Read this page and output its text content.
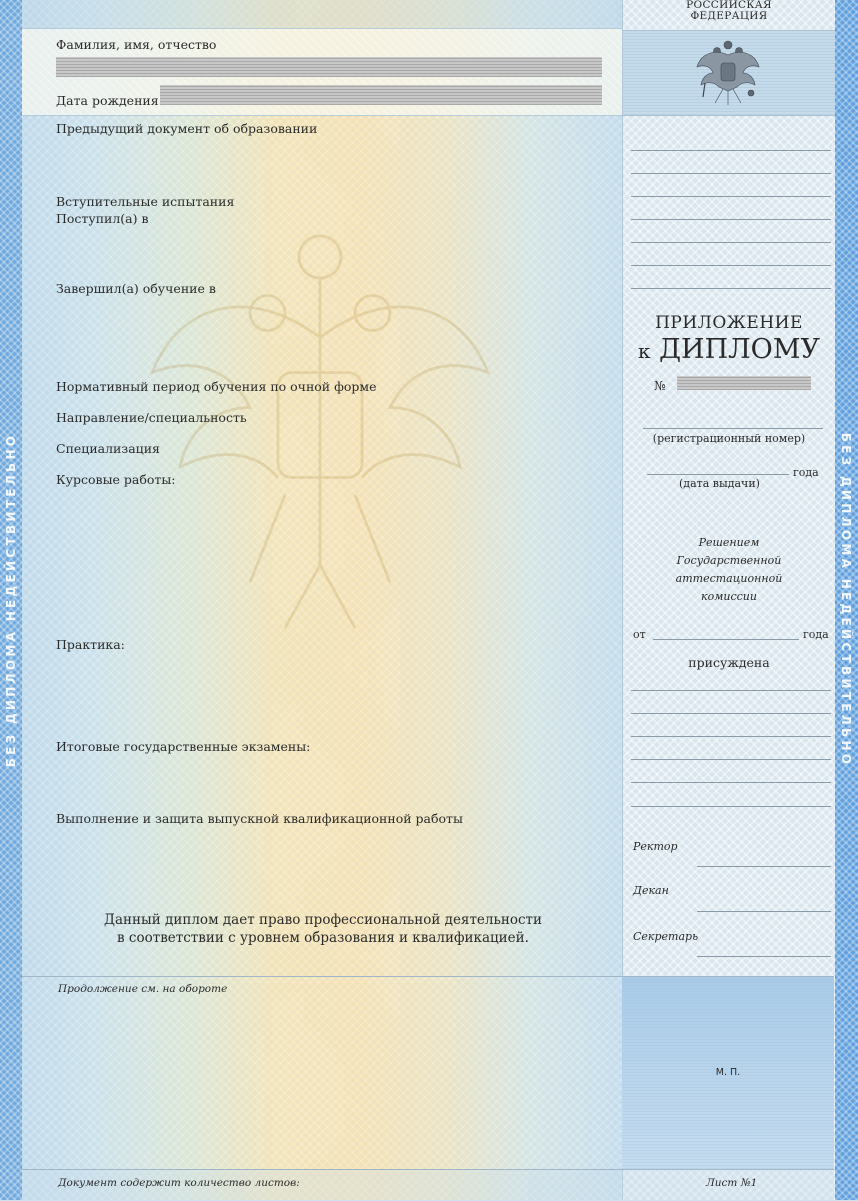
БЕЗ ДИПЛОМА НЕДЕЙСТВИТЕЛЬНО	БЕЗ ДИПЛОМА НЕДЕЙСТВИТЕЛЬНО
Фамилия, имя, отчество
Дата рождения
Предыдущий документ об образовании
Вступительные испытания
Поступил(а) в
Завершил(а) обучение в
Нормативный период обучения по очной форме
Направление/специальность
Специализация
Курсовые работы:
Практика:
Итоговые государственные экзамены:
Выполнение и защита выпускной квалификационной работы
Данный диплом дает право профессиональной деятельности
в соответствии с уровнем образования и квалификацией.
РОССИЙСКАЯ
ФЕДЕРАЦИЯ
ПРИЛОЖЕНИЕ
к ДИПЛОМУ
№
(регистрационный номер)
года
(дата выдачи)
Решением
Государственной
аттестационной
комиссии
от	года
присуждена
Ректор
Декан
Секретарь
Продолжение см. на обороте
М. П.
Документ содержит количество листов:	Лист №1
